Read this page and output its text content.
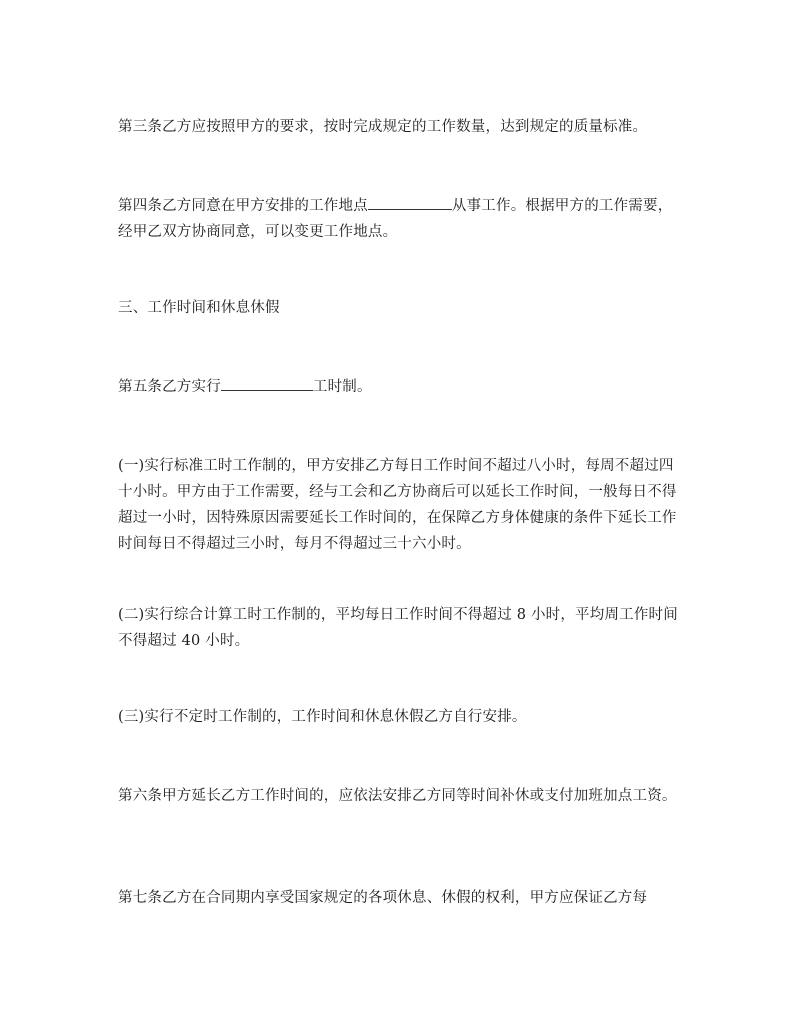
第三条乙方应按照甲方的要求，按时完成规定的工作数量，达到规定的质量标准。

第四条乙方同意在甲方安排的工作地点	从事工作。根据甲方的工作需要，经甲乙双方协商同意，可以变更工作地点。

三、工作时间和休息休假

第五条乙方实行	工时制。

(一)实行标准工时工作制的，甲方安排乙方每日工作时间不超过八小时，每周不超过四十小时。甲方由于工作需要，经与工会和乙方协商后可以延长工作时间，一般每日不得超过一小时，因特殊原因需要延长工作时间的，在保障乙方身体健康的条件下延长工作时间每日不得超过三小时，每月不得超过三十六小时。

(二)实行综合计算工时工作制的，平均每日工作时间不得超过 8 小时，平均周工作时间不得超过 40 小时。

(三)实行不定时工作制的，工作时间和休息休假乙方自行安排。

第六条甲方延长乙方工作时间的，应依法安排乙方同等时间补休或支付加班加点工资。

第七条乙方在合同期内享受国家规定的各项休息、休假的权利，甲方应保证乙方每
